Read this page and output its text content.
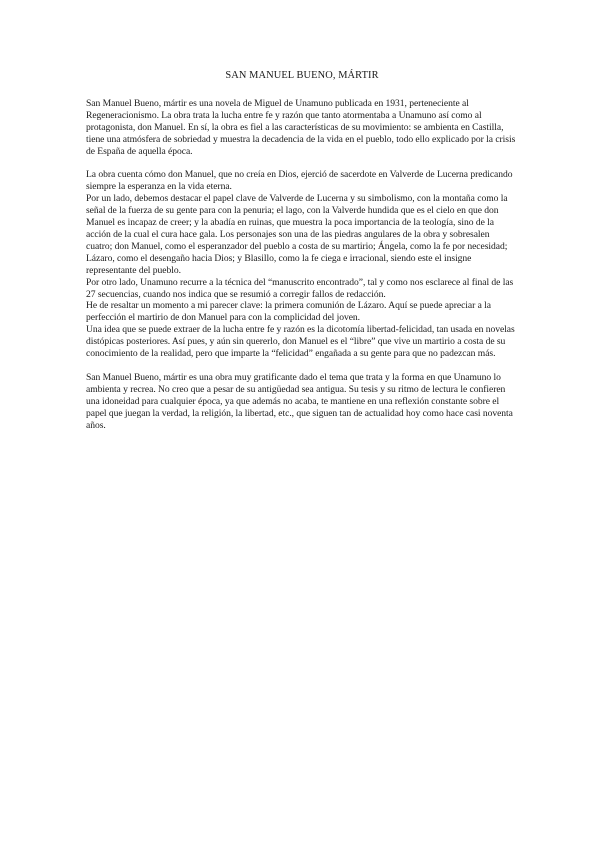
SAN MANUEL BUENO, MÁRTIR

San Manuel Bueno, mártir es una novela de Miguel de Unamuno publicada en 1931, perteneciente al Regeneracionismo. La obra trata la lucha entre fe y razón que tanto atormentaba a Unamuno así como al protagonista, don Manuel. En sí, la obra es fiel a las características de su movimiento: se ambienta en Castilla, tiene una atmósfera de sobriedad y muestra la decadencia de la vida en el pueblo, todo ello explicado por la crisis de España de aquella época.

La obra cuenta cómo don Manuel, que no creía en Dios, ejerció de sacerdote en Valverde de Lucerna predicando siempre la esperanza en la vida eterna.

Por un lado, debemos destacar el papel clave de Valverde de Lucerna y su simbolismo, con la montaña como la señal de la fuerza de su gente para con la penuria; el lago, con la Valverde hundida que es el cielo en que don Manuel es incapaz de creer; y la abadía en ruinas, que muestra la poca importancia de la teología, sino de la acción de la cual el cura hace gala. Los personajes son una de las piedras angulares de la obra y sobresalen cuatro; don Manuel, como el esperanzador del pueblo a costa de su martirio; Ángela, como la fe por necesidad; Lázaro, como el desengaño hacia Dios; y Blasillo, como la fe ciega e irracional, siendo este el insigne representante del pueblo.

Por otro lado, Unamuno recurre a la técnica del “manuscrito encontrado”, tal y como nos esclarece al final de las 27 secuencias, cuando nos indica que se resumió a corregir fallos de redacción.

He de resaltar un momento a mi parecer clave: la primera comunión de Lázaro. Aquí se puede apreciar a la perfección el martirio de don Manuel para con la complicidad del joven.

Una idea que se puede extraer de la lucha entre fe y razón es la dicotomía libertad-felicidad, tan usada en novelas distópicas posteriores. Así pues, y aún sin quererlo, don Manuel es el “libre” que vive un martirio a costa de su conocimiento de la realidad, pero que imparte la “felicidad” engañada a su gente para que no padezcan más.

San Manuel Bueno, mártir es una obra muy gratificante dado el tema que trata y la forma en que Unamuno lo ambienta y recrea. No creo que a pesar de su antigüedad sea antigua. Su tesis y su ritmo de lectura le confieren una idoneidad para cualquier época, ya que además no acaba, te mantiene en una reflexión constante sobre el papel que juegan la verdad, la religión, la libertad, etc., que siguen tan de actualidad hoy como hace casi noventa años.
